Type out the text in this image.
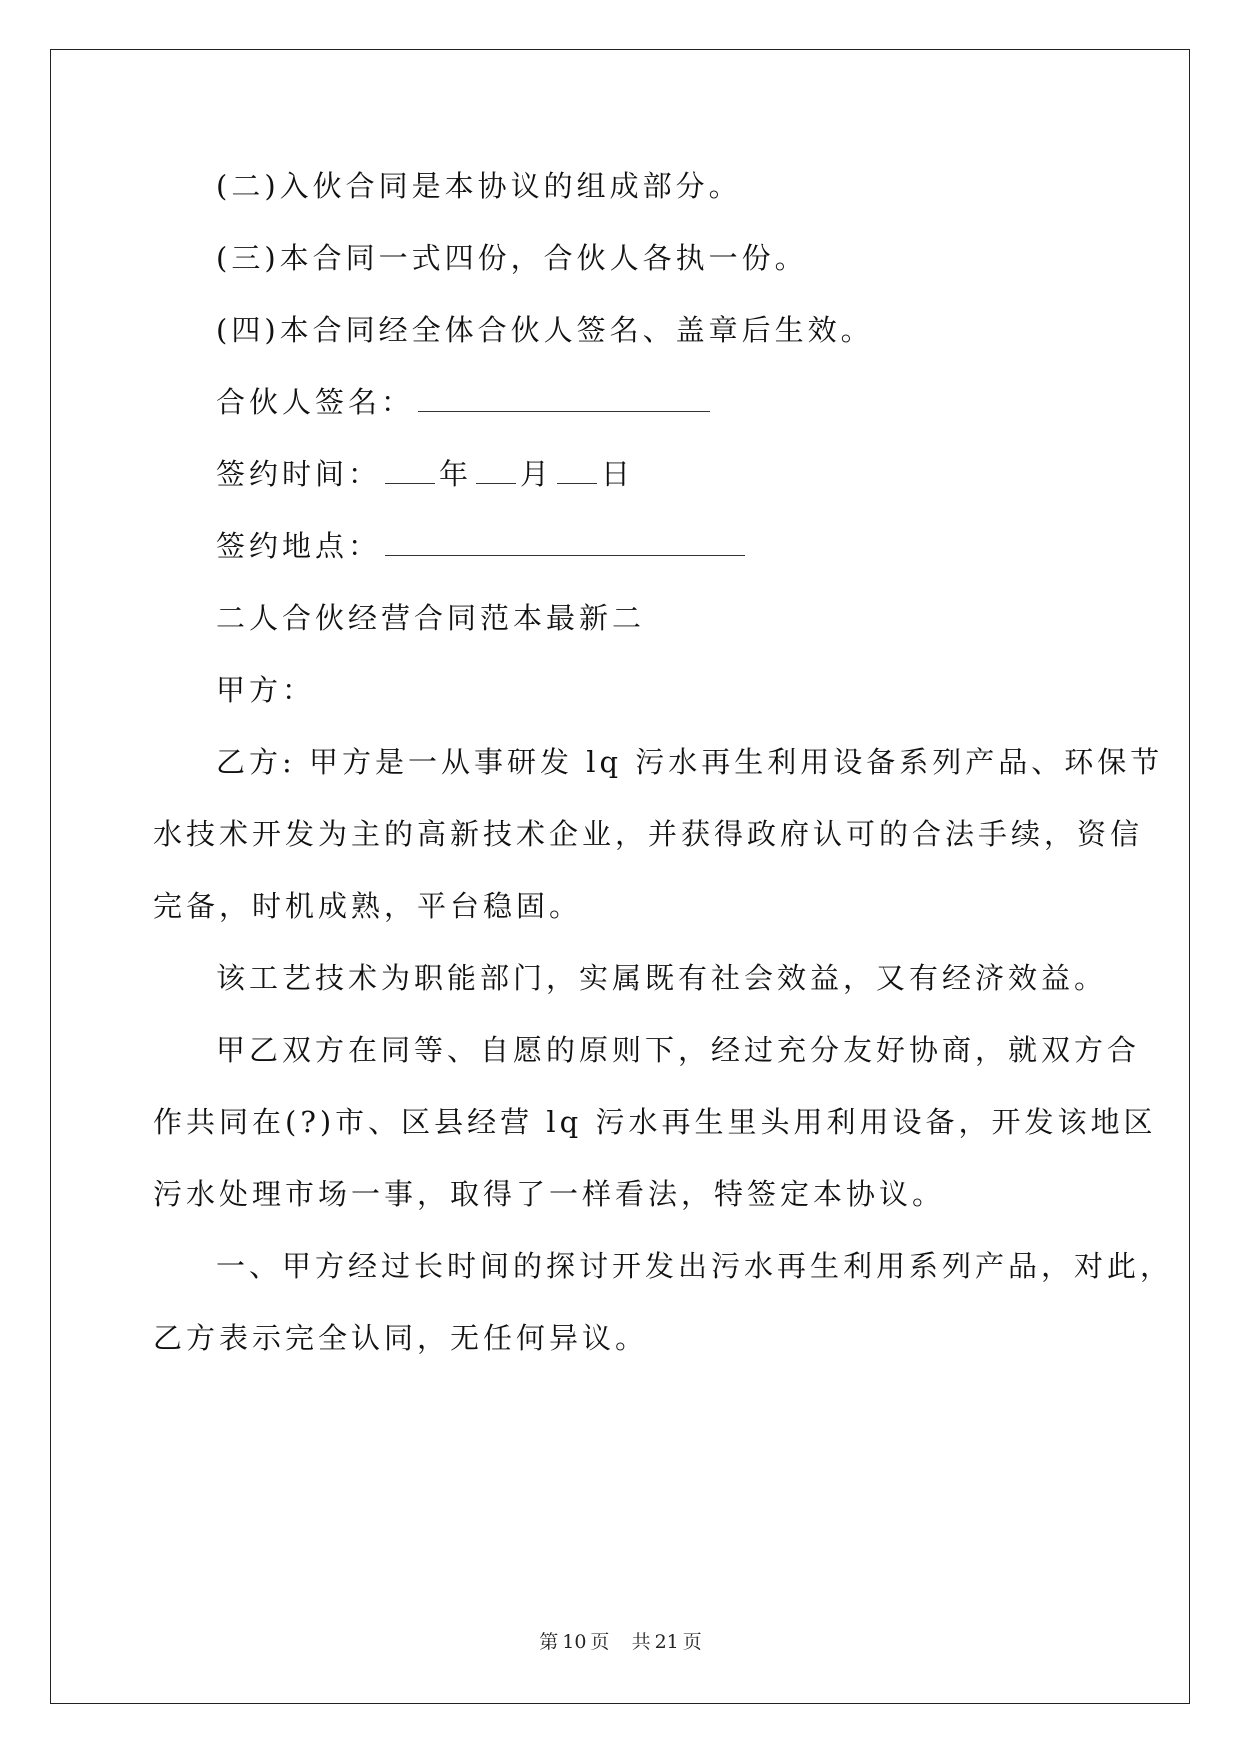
(二)入伙合同是本协议的组成部分。

(三)本合同一式四份，合伙人各执一份。

(四)本合同经全体合伙人签名、盖章后生效。

合伙人签名：
签约时间： 年 月 日
签约地点：

二人合伙经营合同范本最新二

甲方：

乙方: 甲方是一从事研发 lq 污水再生利用设备系列产品、环保节

水技术开发为主的高新技术企业，并获得政府认可的合法手续，资信

完备，时机成熟，平台稳固。

该工艺技术为职能部门，实属既有社会效益，又有经济效益。

甲乙双方在同等、自愿的原则下，经过充分友好协商，就双方合

作共同在(?)市、区县经营 lq 污水再生里头用利用设备，开发该地区

污水处理市场一事，取得了一样看法，特签定本协议。

一、甲方经过长时间的探讨开发出污水再生利用系列产品，对此，

乙方表示完全认同，无任何异议。

第 10 页 共 21 页
